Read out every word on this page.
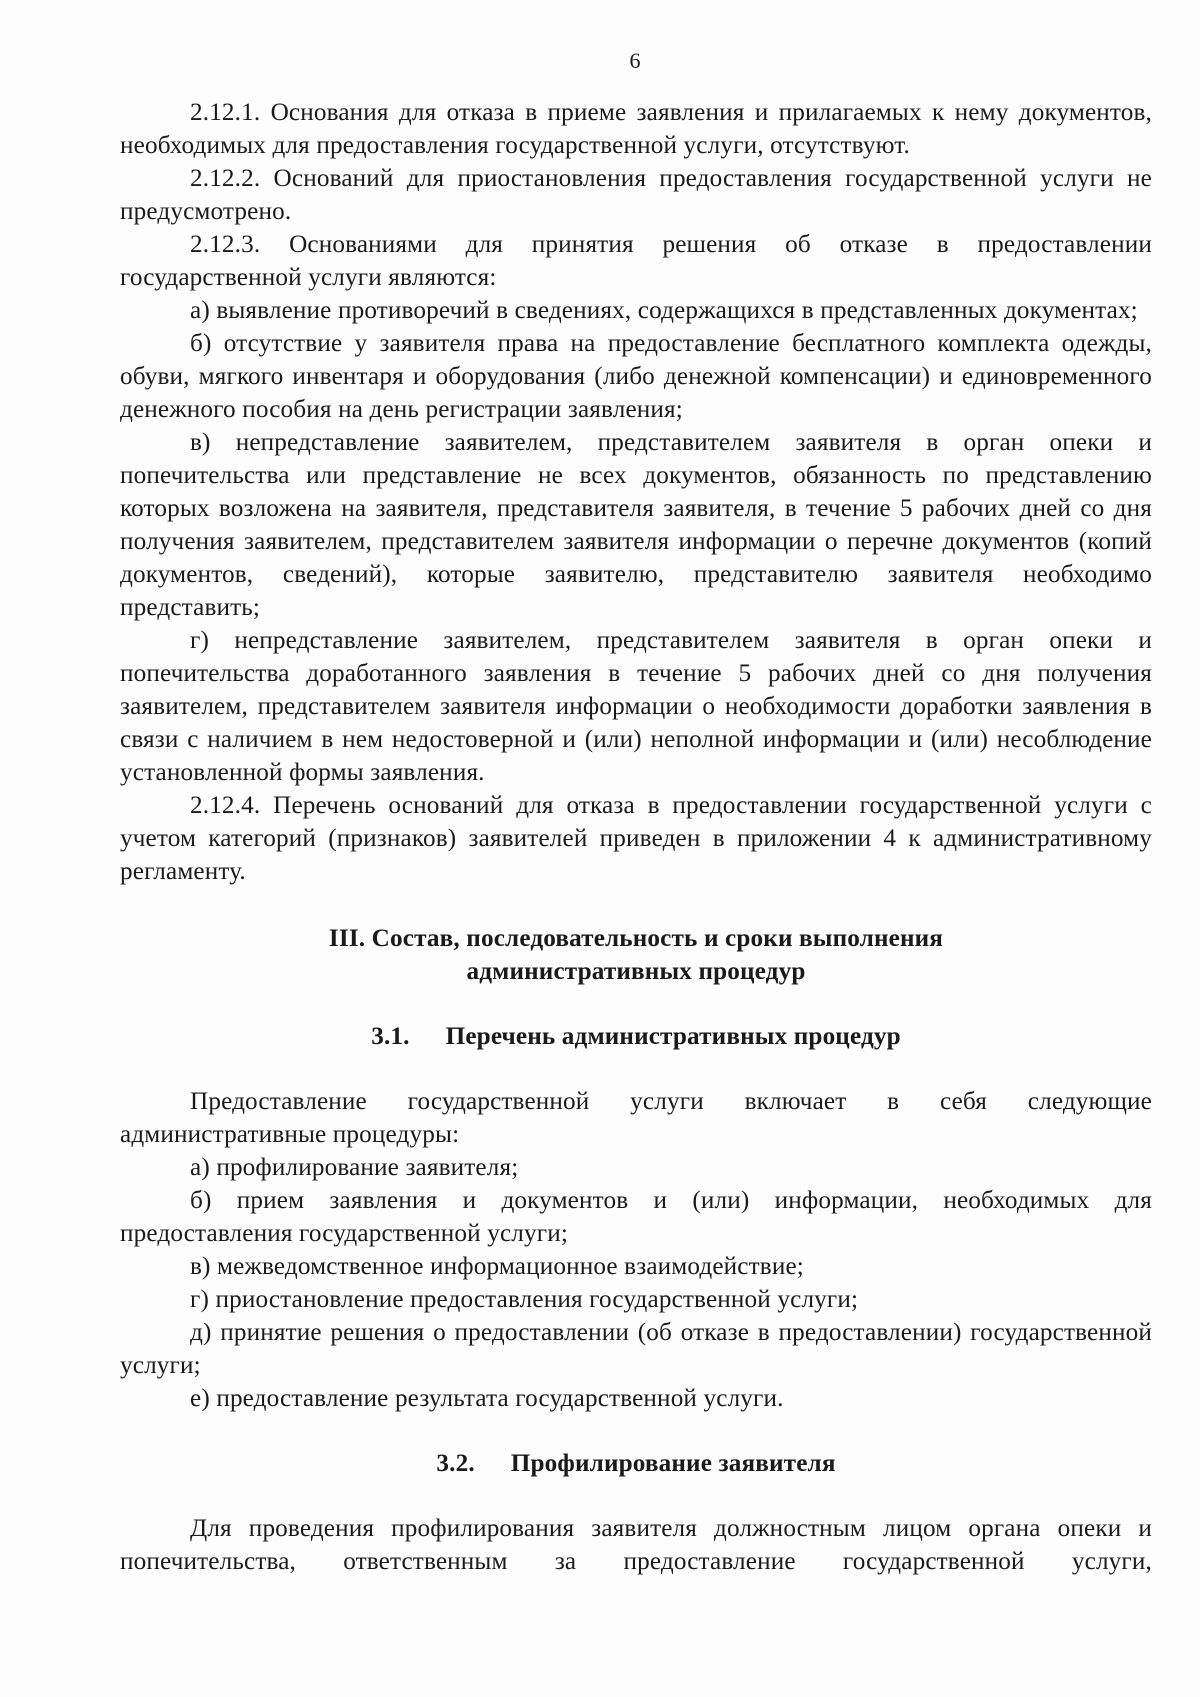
6

2.12.1. Основания для отказа в приеме заявления и прилагаемых к нему документов, необходимых для предоставления государственной услуги, отсутствуют.

2.12.2. Оснований для приостановления предоставления государственной услуги не предусмотрено.

2.12.3. Основаниями для принятия решения об отказе в предоставлении государственной услуги являются:

а) выявление противоречий в сведениях, содержащихся в представленных документах;

б) отсутствие у заявителя права на предоставление бесплатного комплекта одежды, обуви, мягкого инвентаря и оборудования (либо денежной компенсации) и единовременного денежного пособия на день регистрации заявления;

в) непредставление заявителем, представителем заявителя в орган опеки и попечительства или представление не всех документов, обязанность по представлению которых возложена на заявителя, представителя заявителя, в течение 5 рабочих дней со дня получения заявителем, представителем заявителя информации о перечне документов (копий документов, сведений), которые заявителю, представителю заявителя необходимо представить;

г) непредставление заявителем, представителем заявителя в орган опеки и попечительства доработанного заявления в течение 5 рабочих дней со дня получения заявителем, представителем заявителя информации о необходимости доработки заявления в связи с наличием в нем недостоверной и (или) неполной информации и (или) несоблюдение установленной формы заявления.

2.12.4. Перечень оснований для отказа в предоставлении государственной услуги с учетом категорий (признаков) заявителей приведен в приложении 4 к административному регламенту.

III. Состав, последовательность и сроки выполнения
административных процедур
3.1. Перечень административных процедур

Предоставление государственной услуги включает в себя следующие административные процедуры:

а) профилирование заявителя;

б) прием заявления и документов и (или) информации, необходимых для предоставления государственной услуги;

в) межведомственное информационное взаимодействие;

г) приостановление предоставления государственной услуги;

д) принятие решения о предоставлении (об отказе в предоставлении) государственной услуги;

е) предоставление результата государственной услуги.

3.2. Профилирование заявителя

Для проведения профилирования заявителя должностным лицом органа опеки и попечительства, ответственным за предоставление государственной услуги,
